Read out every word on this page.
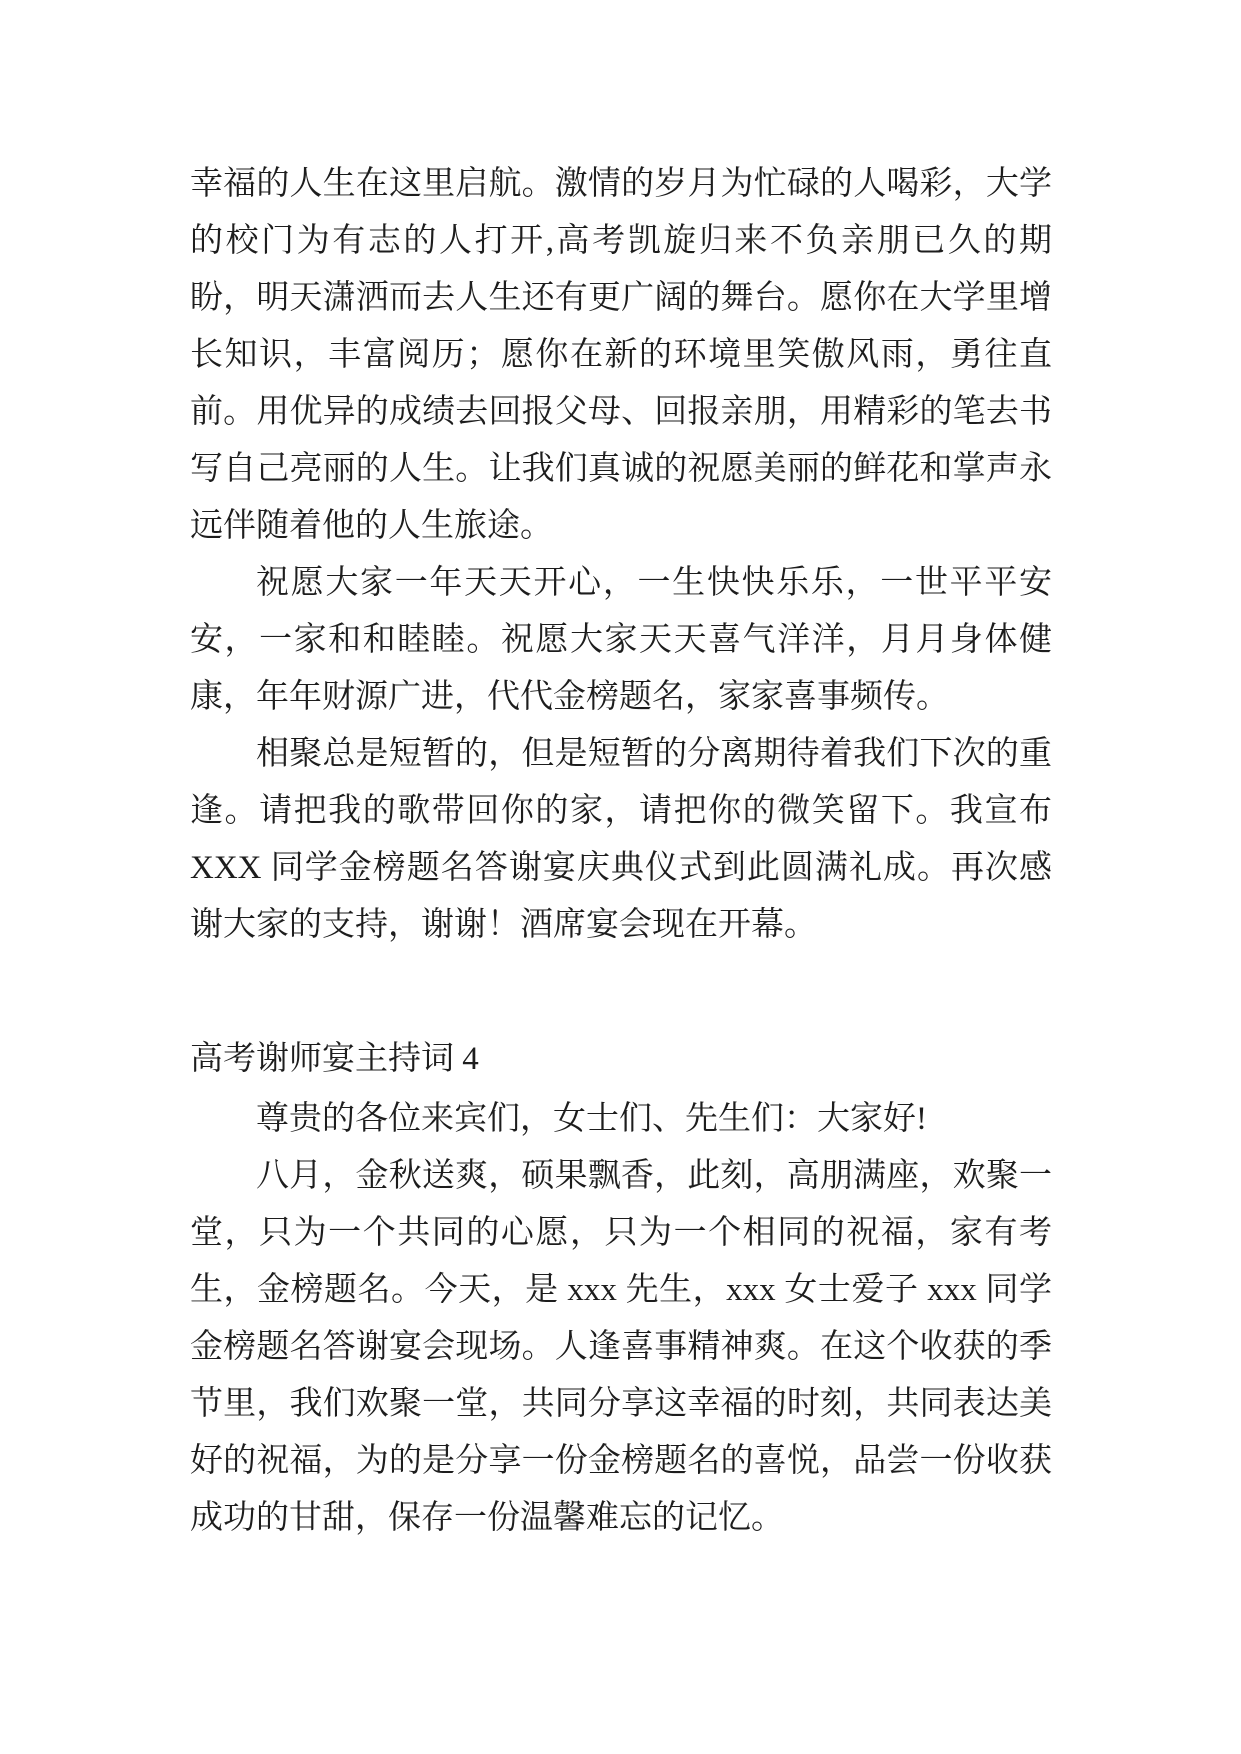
幸福的人生在这里启航。激情的岁月为忙碌的人喝彩，大学的校门为有志的人打开,高考凯旋归来不负亲朋已久的期盼，明天潇洒而去人生还有更广阔的舞台。愿你在大学里增长知识，丰富阅历；愿你在新的环境里笑傲风雨，勇往直前。用优异的成绩去回报父母、回报亲朋，用精彩的笔去书写自己亮丽的人生。让我们真诚的祝愿美丽的鲜花和掌声永远伴随着他的人生旅途。

祝愿大家一年天天开心，一生快快乐乐，一世平平安安，一家和和睦睦。祝愿大家天天喜气洋洋，月月身体健康，年年财源广进，代代金榜题名，家家喜事频传。

相聚总是短暂的，但是短暂的分离期待着我们下次的重逢。请把我的歌带回你的家，请把你的微笑留下。我宣布 XXX 同学金榜题名答谢宴庆典仪式到此圆满礼成。再次感谢大家的支持，谢谢！酒席宴会现在开幕。

高考谢师宴主持词 4

尊贵的各位来宾们，女士们、先生们：大家好!

八月，金秋送爽，硕果飘香，此刻，高朋满座，欢聚一堂，只为一个共同的心愿，只为一个相同的祝福，家有考生，金榜题名。今天，是 xxx 先生，xxx 女士爱子 xxx 同学金榜题名答谢宴会现场。人逢喜事精神爽。在这个收获的季节里，我们欢聚一堂，共同分享这幸福的时刻，共同表达美好的祝福，为的是分享一份金榜题名的喜悦，品尝一份收获成功的甘甜，保存一份温馨难忘的记忆。
